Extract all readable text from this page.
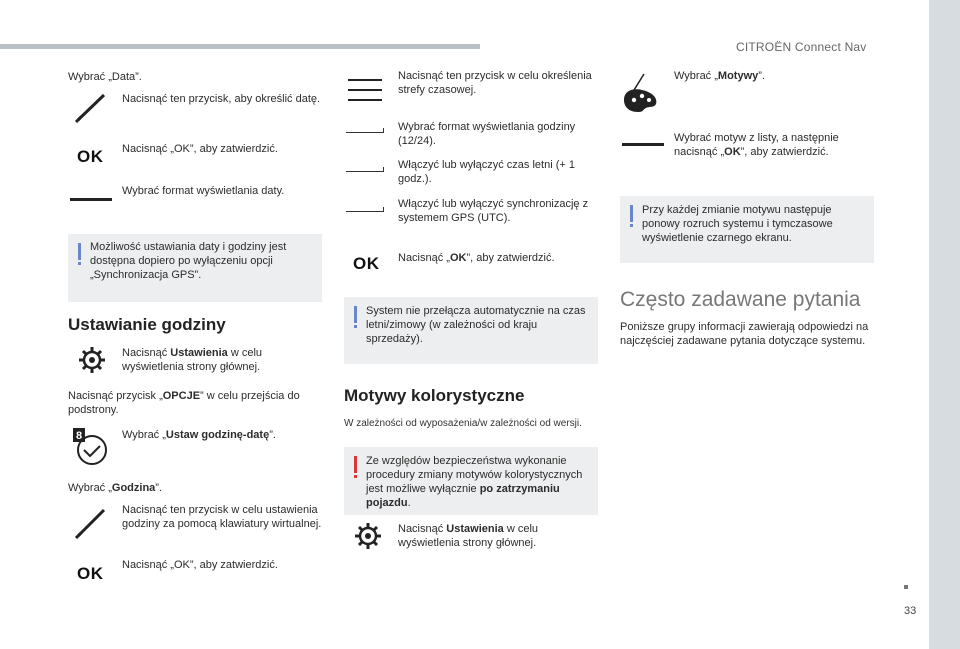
CITROËN Connect Nav
33
Wybrać „Data”.
Nacisnąć ten przycisk, aby określić datę.
OK Nacisnąć „OK”, aby zatwierdzić.
Wybrać format wyświetlania daty.
Możliwość ustawiania daty i godziny jest dostępna dopiero po wyłączeniu opcji „Synchronizacja GPS”.
Ustawianie godziny
Nacisnąć Ustawienia w celu wyświetlenia strony głównej.
Nacisnąć przycisk „OPCJE” w celu przejścia do podstrony.
8	Wybrać „Ustaw godzinę-datę”.
Wybrać „Godzina”.
Nacisnąć ten przycisk w celu ustawienia godziny za pomocą klawiatury wirtualnej.
OK Nacisnąć „OK”, aby zatwierdzić.
Nacisnąć ten przycisk w celu określenia strefy czasowej.
Wybrać format wyświetlania godziny (12/24).
Włączyć lub wyłączyć czas letni (+ 1 godz.).
Włączyć lub wyłączyć synchronizację z systemem GPS (UTC).
OK Nacisnąć „OK”, aby zatwierdzić.
System nie przełącza automatycznie na czas letni/zimowy (w zależności od kraju sprzedaży).
Motywy kolorystyczne
W zależności od wyposażenia/w zależności od wersji.
Ze względów bezpieczeństwa wykonanie procedury zmiany motywów kolorystycznych jest możliwe wyłącznie po zatrzymaniu pojazdu.
Nacisnąć Ustawienia w celu wyświetlenia strony głównej.
Wybrać „Motywy”.
Wybrać motyw z listy, a następnie nacisnąć „OK”, aby zatwierdzić.
Przy każdej zmianie motywu następuje ponowy rozruch systemu i tymczasowe wyświetlenie czarnego ekranu.
Często zadawane pytania
Poniższe grupy informacji zawierają odpowiedzi na najczęściej zadawane pytania dotyczące systemu.
